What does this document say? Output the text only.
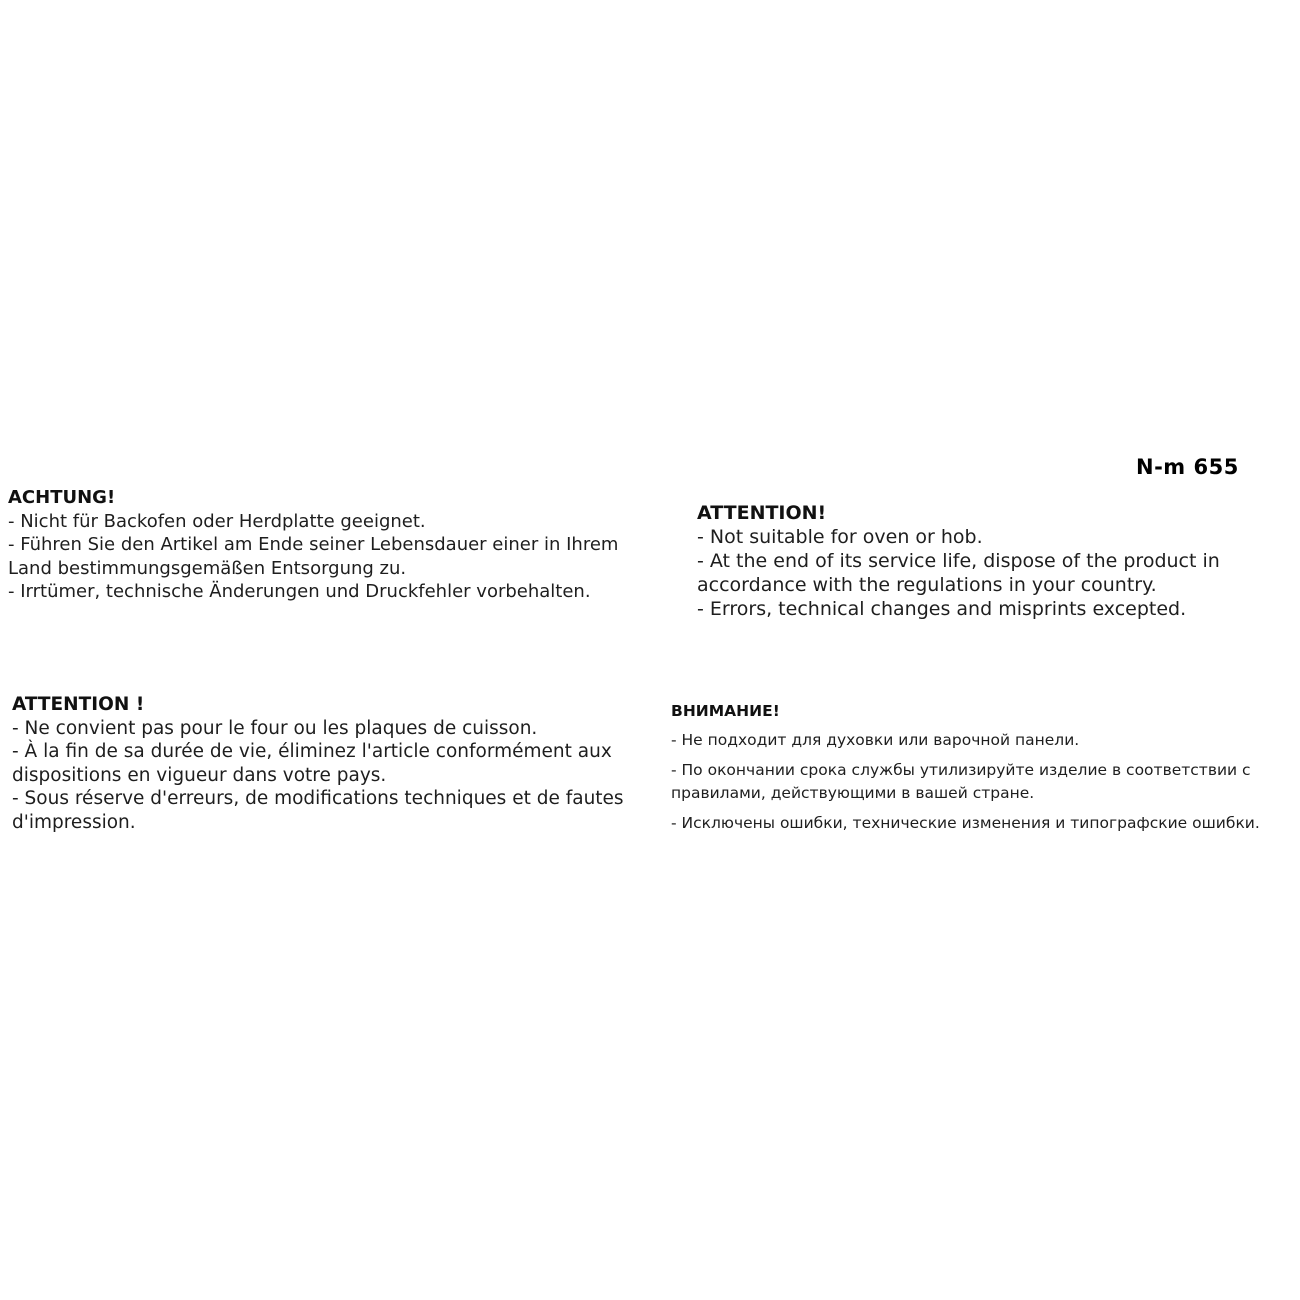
N-m 655
ACHTUNG!

- Nicht für Backofen oder Herdplatte geeignet.

- Führen Sie den Artikel am Ende seiner Lebensdauer einer in Ihrem Land bestimmungsgemäßen Entsorgung zu.

- Irrtümer, technische Änderungen und Druckfehler vorbehalten.

ATTENTION!

- Not suitable for oven or hob.

- At the end of its service life, dispose of the product in accordance with the regulations in your country.

- Errors, technical changes and misprints excepted.

ATTENTION !

- Ne convient pas pour le four ou les plaques de cuisson.

- À la fin de sa durée de vie, éliminez l'article conformément aux dispositions en vigueur dans votre pays.

- Sous réserve d'erreurs, de modifications techniques et de fautes d'impression.

ВНИМАНИЕ!

- Не подходит для духовки или варочной панели.

- По окончании срока службы утилизируйте изделие в соответствии с правилами, действующими в вашей стране.

- Исключены ошибки, технические изменения и типографские ошибки.
